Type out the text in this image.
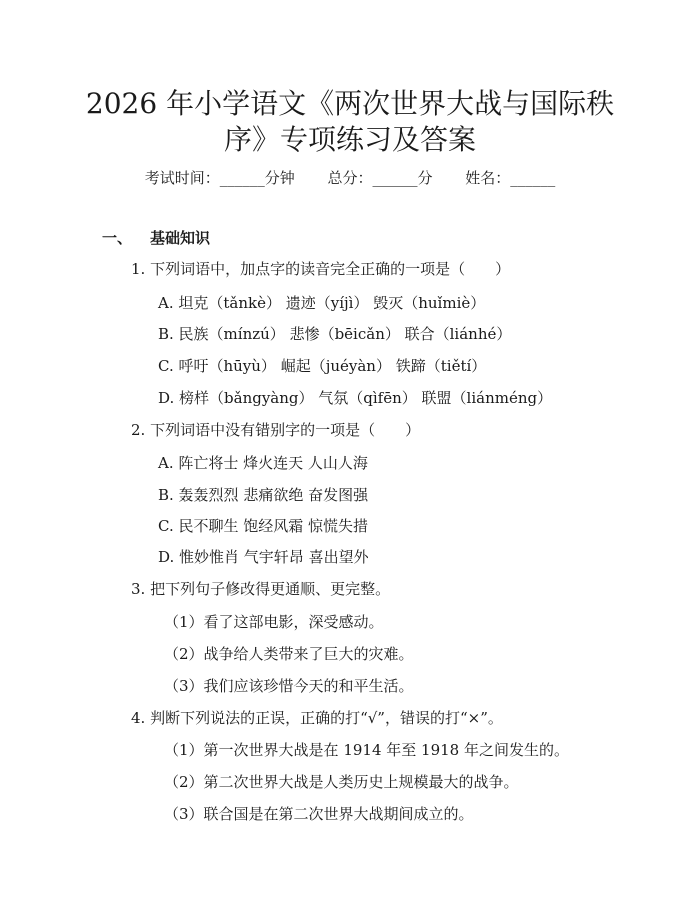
2026 年小学语文《两次世界大战与国际秩
序》专项练习及答案
考试时间：______分钟 总分：______分 姓名：______
一、 基础知识
1. 下列词语中，加点字的读音完全正确的一项是（　　）
A. 坦克（tǎnkè） 遗迹（yíjì） 毁灭（huǐmiè）
B. 民族（mínzú） 悲惨（bēicǎn） 联合（liánhé）
C. 呼吁（hūyù） 崛起（juéyàn） 铁蹄（tiětí）
D. 榜样（bǎngyàng） 气氛（qìfēn） 联盟（liánméng）
2. 下列词语中没有错别字的一项是（　　）
A. 阵亡将士 烽火连天 人山人海
B. 轰轰烈烈 悲痛欲绝 奋发图强
C. 民不聊生 饱经风霜 惊慌失措
D. 惟妙惟肖 气宇轩昂 喜出望外
3. 把下列句子修改得更通顺、更完整。
（1）看了这部电影，深受感动。
（2）战争给人类带来了巨大的灾难。
（3）我们应该珍惜今天的和平生活。
4. 判断下列说法的正误，正确的打“√”，错误的打“×”。
（1）第一次世界大战是在 1914 年至 1918 年之间发生的。
（2）第二次世界大战是人类历史上规模最大的战争。
（3）联合国是在第二次世界大战期间成立的。
